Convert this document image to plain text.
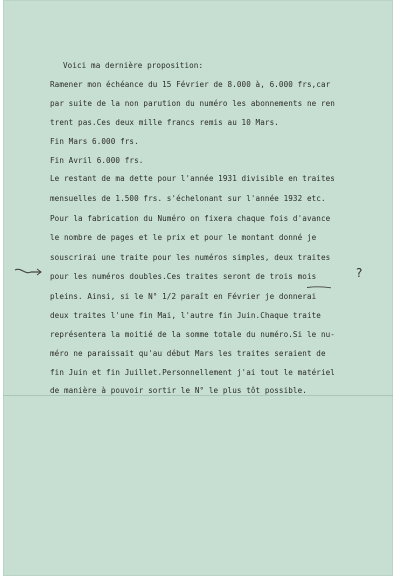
Voici ma dernière proposition:
Ramener mon échéance du 15 Février de 8.000 à, 6.000 frs,car
par suite de la non parution du numéro les abonnements ne ren
trent pas.Ces deux mille francs remis au 10 Mars.
Fin Mars 6.000 frs.
Fin Avril 6.000 frs.
Le restant de ma dette pour l'année 1931 divisible en traites
mensuelles de 1.500 frs. s'échelonant sur l'année 1932 etc.
Pour la fabrication du Numéro on fixera chaque fois d'avance
le nombre de pages et le prix et pour le montant donné je
souscrirai une traite pour les numéros simples, deux traites
pour les numéros doubles.Ces traites seront de trois mois
pleins. Ainsi, si le N° 1/2 paraît en Février je donnerai
deux traites l'une fin Mai, l'autre fin Juin.Chaque traite
représentera la moitié de la somme totale du numéro.Si le nu-
méro ne paraissait qu'au début Mars les traites seraient de
fin Juin et fin Juillet.Personnellement j'ai tout le matériel
de manière à pouvoir sortir le N° le plus tôt possible.
?
